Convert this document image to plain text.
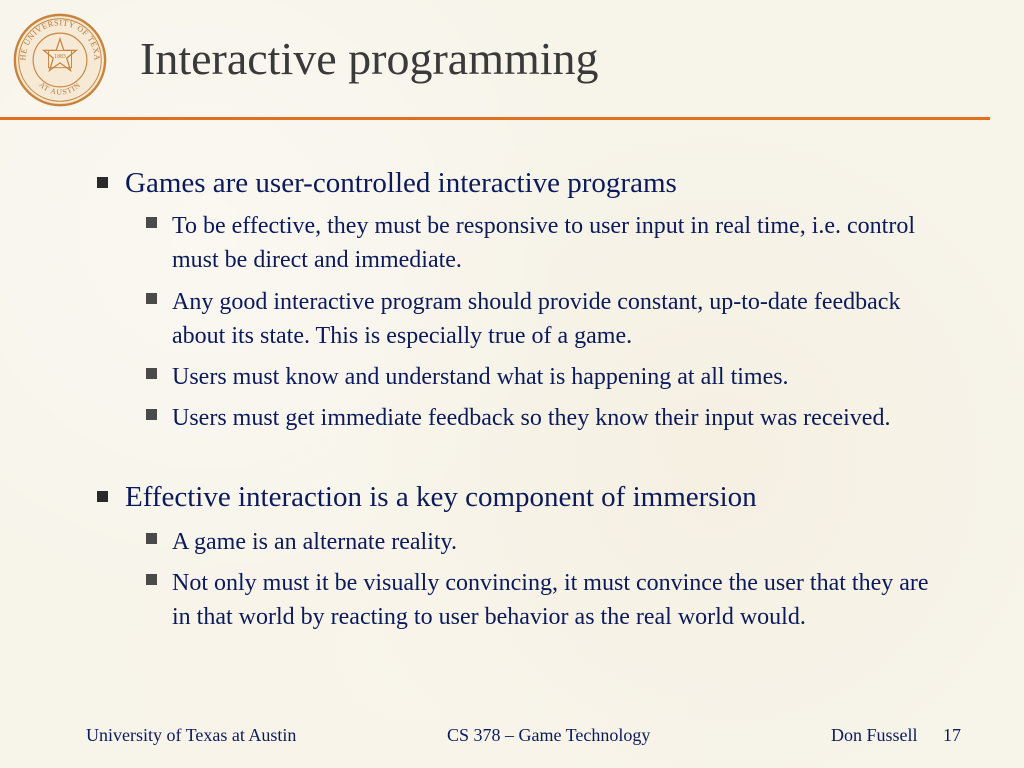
HE UNIVERSITY OF TEXA
AT AUSTIN
1883 Interactive programming
Games are user-controlled interactive programs
To be effective, they must be responsive to user input in real time, i.e. control must be direct and immediate.
Any good interactive program should provide constant, up-to-date feedback about its state. This is especially true of a game.
Users must know and understand what is happening at all times.
Users must get immediate feedback so they know their input was received.
Effective interaction is a key component of immersion
A game is an alternate reality.
Not only must it be visually convincing, it must convince the user that they are in that world by reacting to user behavior as the real world would.
University of Texas at Austin	CS 378 – Game Technology	Don Fussell 17
